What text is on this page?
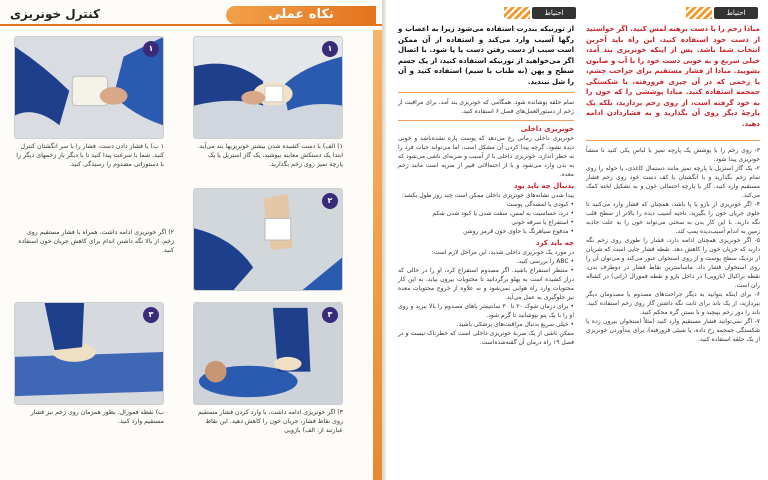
کنترل خونریزی	نکاه عملی
۱
۱) الف) با دست کشیده شدن بیشتر خونریزیها بند می‌آید. ابتدا یک دستکش معاینه بپوشید، یک گاز استریل یا یک پارچهٔ تمیز روی زخم بگذارید.
۱
۱ ب) با فشار دادن دست، فشار را با سر انگشتان کنترل کنید. شما با سرعت پیدا کنید تا با دیگر بار زخمهای دیگر را با دستوراتی مصدوم را رسیدگی کنید.
۲
۲) اگر خونریزی ادامه داشت، همراه با فشار مستقیم روی زخم، از بالا نگه داشتن اندام برای کاهش جریان خون استفاده کنید.
۳
۳) اگر خونریزی ادامه داشت، با وارد کردن فشار مستقیم روی نقاط فشار، جریان خون را کاهش دهید. این نقاط عبارتند از: الف) بازویی
۳
ب) نقطه فمورال. بطور همزمان روی زخم نیز فشار مستقیم وارد کنید.
احتیاط	احتیاط
از تورنیکه بندرت استفاده می‌شود زیرا به اعصاب و رگها آسیب وارد می‌کند و استفاده از آن ممکن است سبب از دست رفتن دست یا پا شود. با اتصال اگر می‌خواهید از تورنیکه استفاده کنید، از یک جسم سطح و پهن (نه طناب یا سیم) استفاده کنید و آن را شل نبندید.
مبادا زخم را با دست برهنه لمس کنید. اگر خواستید از دست خود استفاده کنید، این راه باید آخرین انتخاب شما باشد. پس از اینکه خونریزی بند آمد، خیلی سریع و به خوبی دست خود را با آب و صابون بشویید. مبادا از فشار مستقیم برای جراحت چشم، یا زخمی که در آن چیزی فرورفته، یا شکستگی جمجمه استفاده کنید. مبادا پوششی را که خون را به خود گرفته است، از روی زخم بردارید، بلکه یک پارچهٔ دیگر روی آن بگذارید و به فشاردادن ادامه دهید.

تمام حلقه پوشانده شود. همگامی که خونریزی بند آمد، برای مراقبت از زخم از دستورالعمل‌های فصل ۶ استفاده کنید.

خونریزی داخلی

خونریزی داخلی زمانی رخ می‌دهد که پوست پاره نشده‌باشد و خونی دیده نشود. گرچه پیدا کردن آن مشکل است، اما می‌تواند حیات فرد را به خطر اندازد. خونریزی داخلی با از آسیب و ضربه‌ای ناشی می‌شود که به بدن وارد می‌شود و با از احتمالاتی قبیر از ضربه است مانند زخم معده.

بدنبال چه باید بود

پیدا شدن نشانه‌های خونریزی داخلی ممکن است چند روز طول بکشد:

• کبودی یا لمشدگی پوست

• درد، حساسیت به لمس، سفت شدن یا کبود شدن شکم

• استفراغ یا سرفه خونی

• مدفوع سیاهرنگ یا حاوی خون قرمز روشن

چه باید کرد

در مورد یک خونریزی داخلی شدید، این مراحل لازم است:

• ABC را بررسی کنید.

• منتظر استفراغ باشید. اگر مصدوم استفراغ کرد، او را در حالی که دراز کشیده است به پهلو برگردانید تا محتویات بیرون بیاید. به این کار محتویات وارد راه هوایی نمی‌شود و به علاوه از خروج محتویات معده نیز جلوگیری به عمل می‌آید.

• برای درمان شوک ۲۰ تا ۳۰ سانتیمتر پاهای مصدوم را بالا ببرید و روی او را با یک پتو بپوشانید تا گرم شود.

• خیلی سریع بدنبال مراقبت‌های پزشکی باشید.

ممکن ناشی از یک ضربهٔ خونریزی داخلی است که خطرناک نیست و در فصل ۱۹ راه درمان آن گفته‌شده‌است.

۳- روی زخم را با پوشش یک پارچه تمیز یا لباس یکی کنید تا منشأ خونریزی پیدا شود.
۲- یک گاز استریل یا پارچه تمیز مانند دستمال کاغذی، یا حوله را روی تمام زخم بگذارید و با انگشتان یا کف دست خود روی زخم فشار مستقیم وارد کنید. گاز یا پارچه احتمالی خون و به تشکیل لخته کمک می‌کند.
۴- اگر خونریزی از بازو یا پا باشد، همچنان که فشار وارد می‌کنید تا جلوی جریان خون را بگیرید، ناحیه آسیب دیده را بالاتر از سطح قلب نگه دارید. با این کار بدن به سختی می‌تواند خون را به علت جاذبه زمین به اندام آسیب‌دیده پمپ کند.
۵- اگر خونریزی همچنان ادامه دارد، فشار را طوری روی زخم نگه دارید که جریان خون را کاهش دهد. نقطه فشار جایی است که شریان از نزدیک سطح پوست و از روی استخوان عبور می‌کند و می‌توان آن را روی استخوان فشار داد. ماساسترین نقاط فشار در دوطرف بدن، نقطه براکیال (بازویی) در داخل بازو و نقطه فمورال (رانی) در کشاله ران است.
۶- برای اینکه بتوانید به دیگر جراحت‌های مصدوم یا مصدومان دیگر بپردازید، از یک باند برای ثابت نگه داشتن گاز روی زخم استفاده کنید. باند را دور زخم بپیچید و با بستن گره محکم کنید.
۷- اگر نمی‌توانید فشار مستقیم وارد کنید (مثلاً استخوان بیرون زده یا شکستگی جمجمه رخ داده، یا شیئی فرورفته)، برای بندآوردن خونریزی از یک حلقه استفاده کنید.
